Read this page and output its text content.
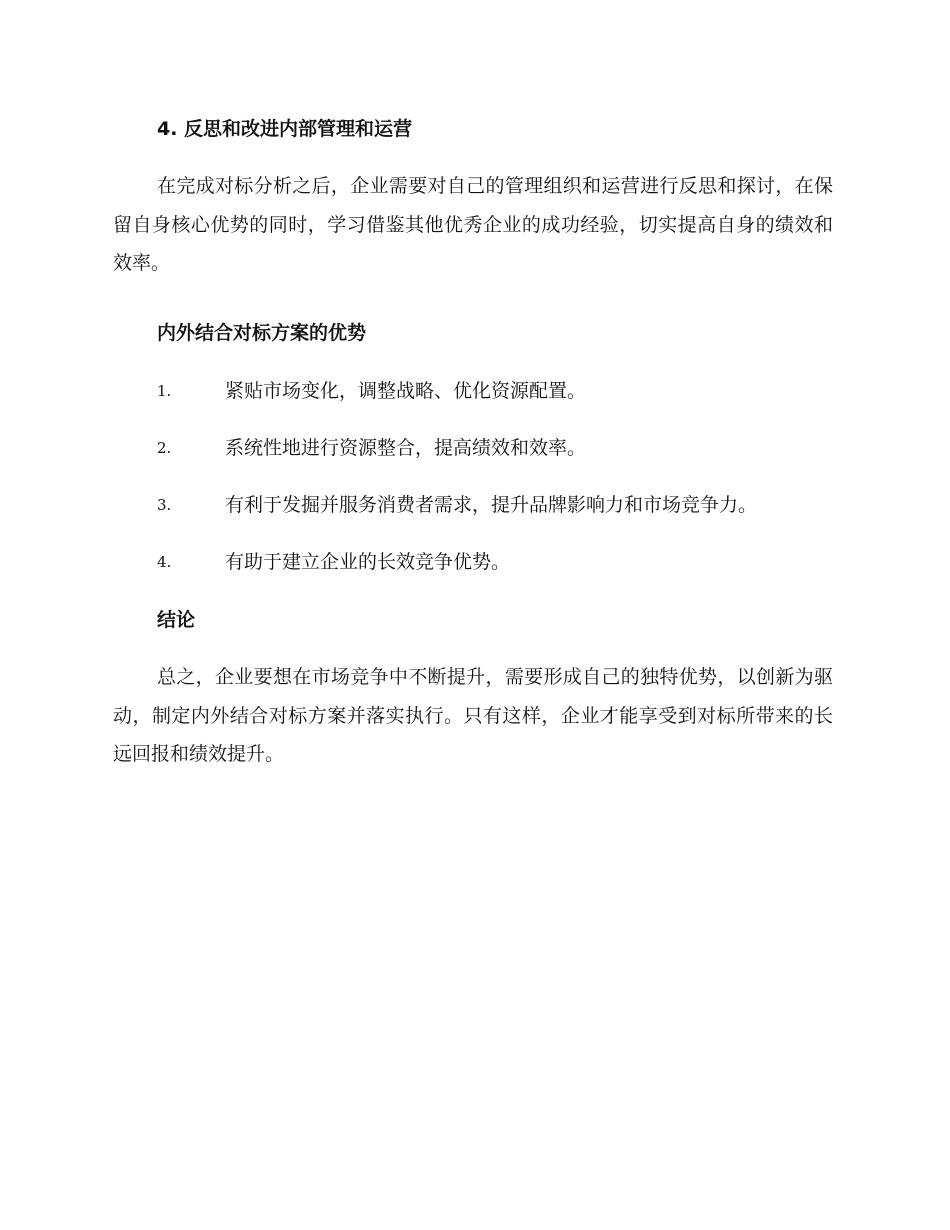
4. 反思和改进内部管理和运营
在完成对标分析之后，企业需要对自己的管理组织和运营进行反思和探讨，在保留自身核心优势的同时，学习借鉴其他优秀企业的成功经验，切实提高自身的绩效和效率。
内外结合对标方案的优势
1.	紧贴市场变化，调整战略、优化资源配置。
2.	系统性地进行资源整合，提高绩效和效率。
3.	有利于发掘并服务消费者需求，提升品牌影响力和市场竞争力。
4.	有助于建立企业的长效竞争优势。
结论
总之，企业要想在市场竞争中不断提升，需要形成自己的独特优势，以创新为驱动，制定内外结合对标方案并落实执行。只有这样，企业才能享受到对标所带来的长远回报和绩效提升。
